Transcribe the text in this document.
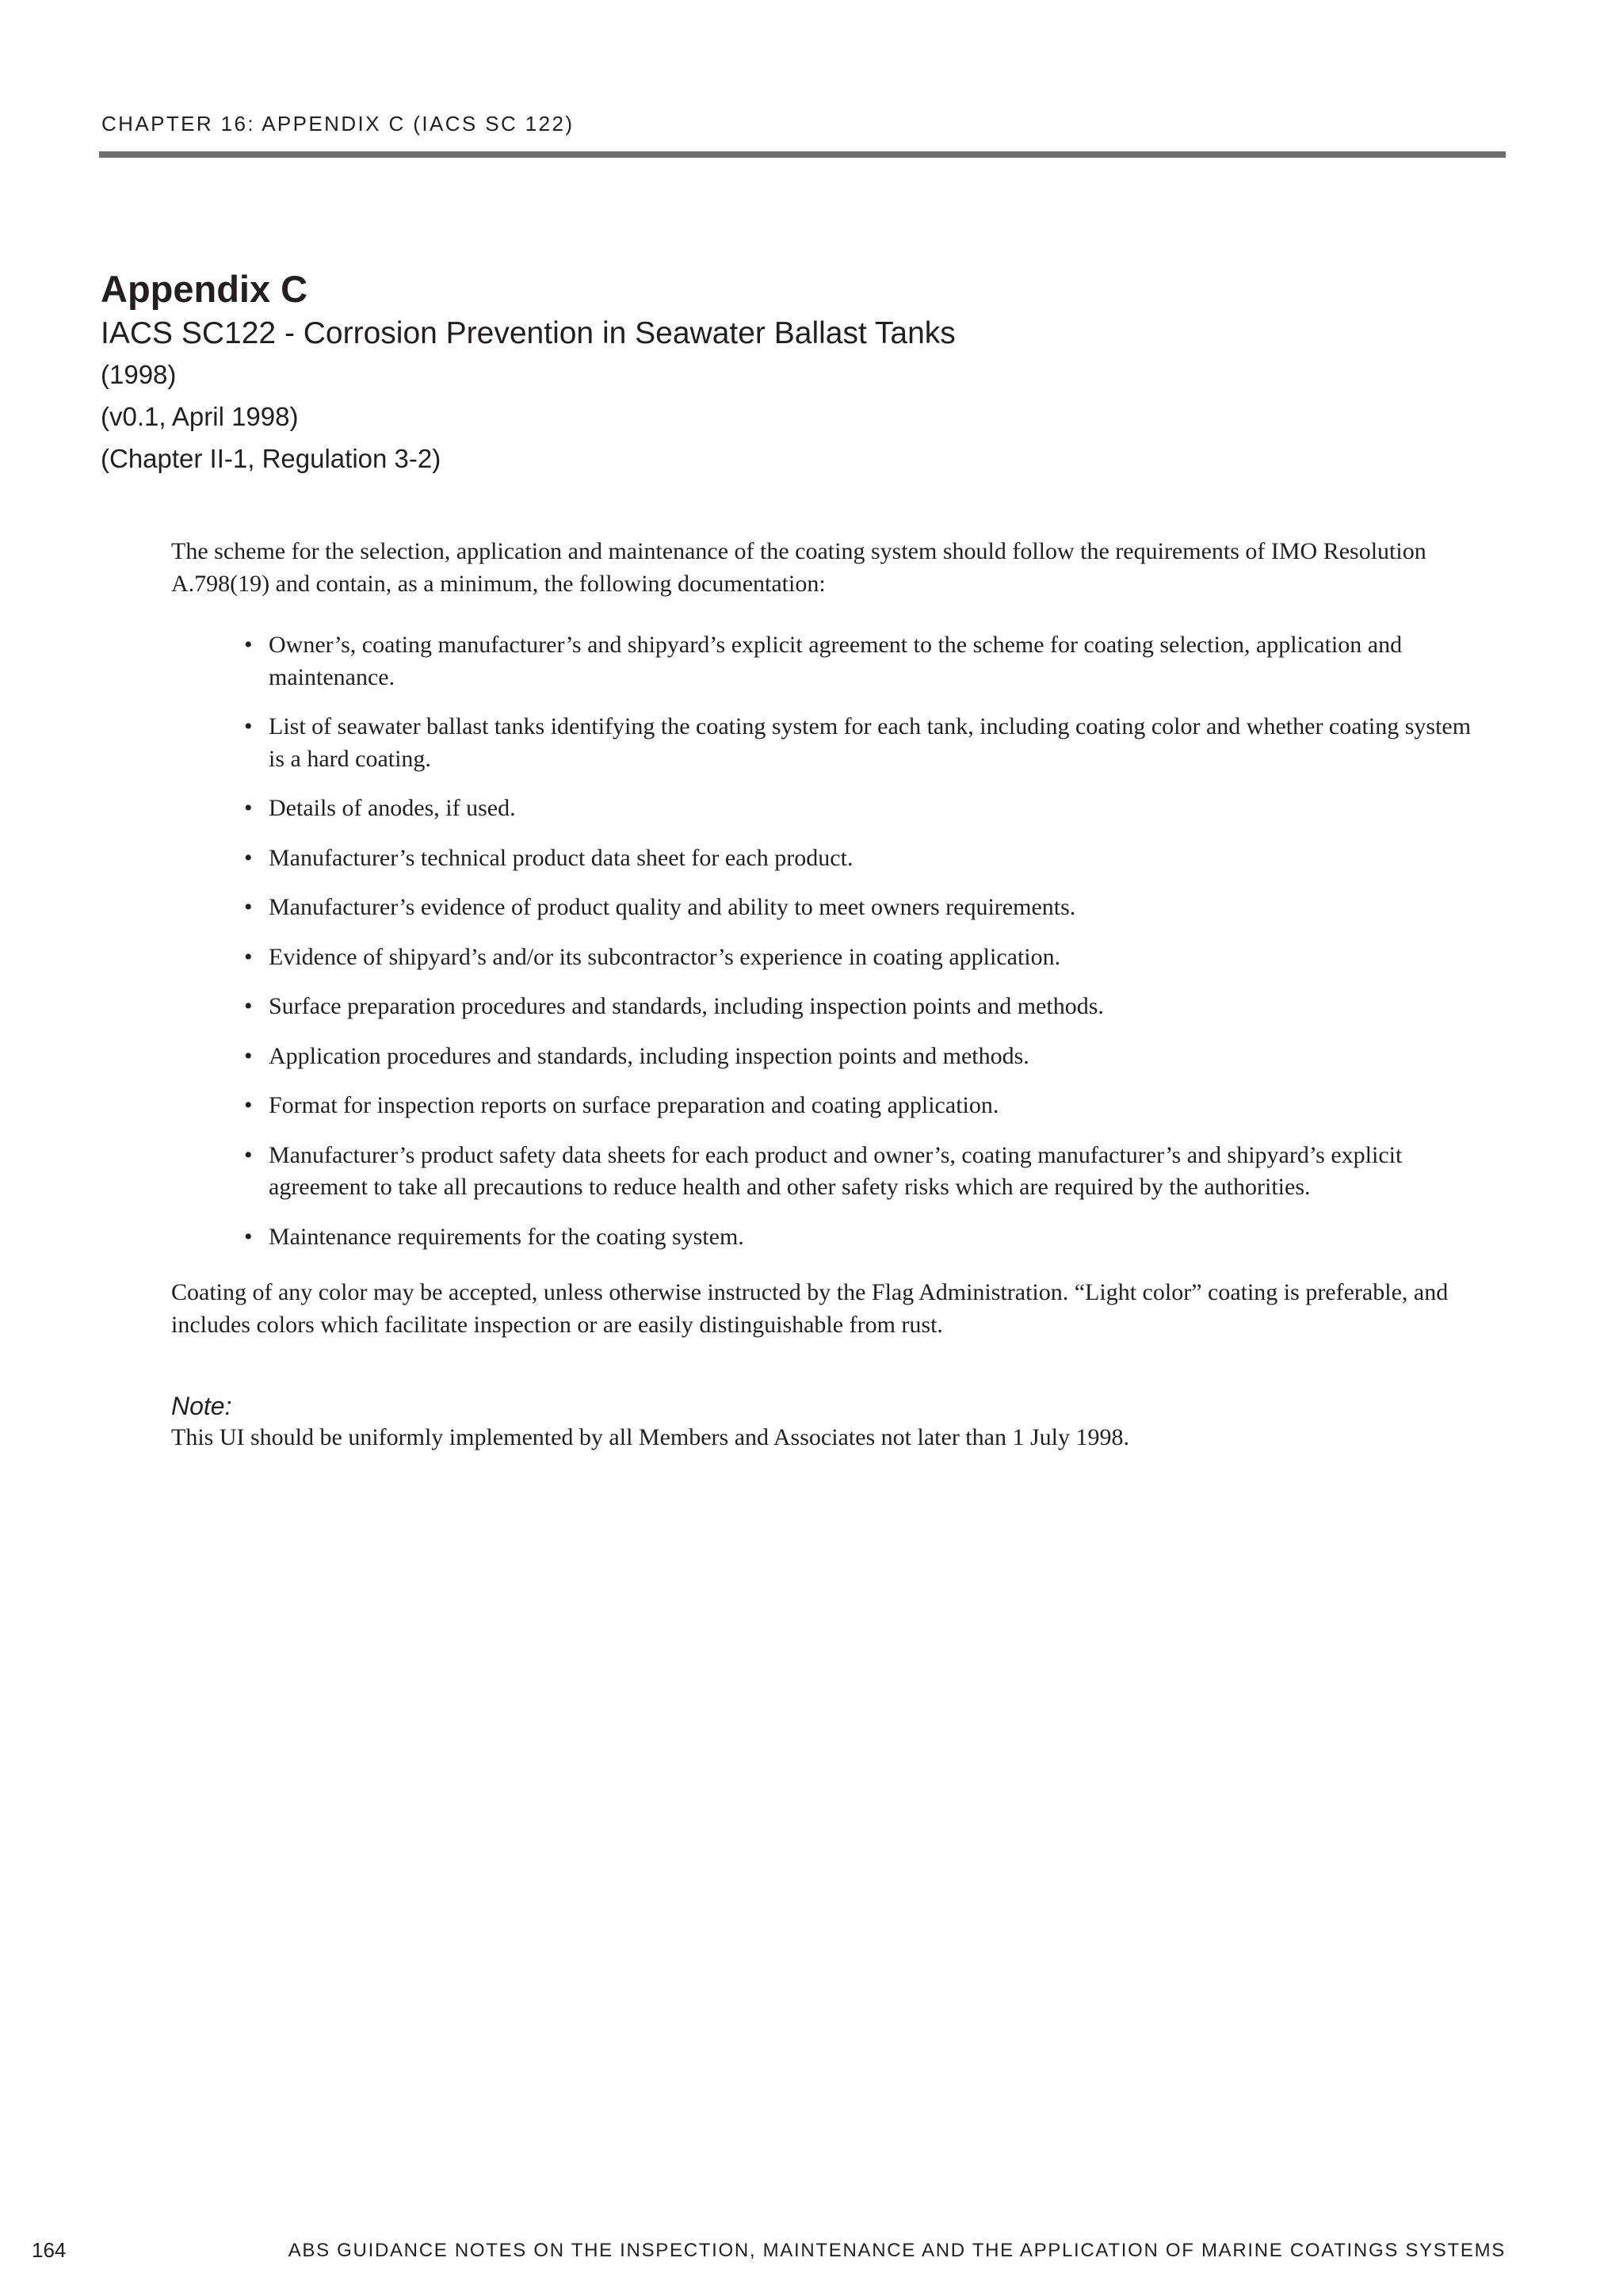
CHAPTER 16: APPENDIX C (IACS SC 122)
Appendix C
IACS SC122 - Corrosion Prevention in Seawater Ballast Tanks
(1998)
(v0.1, April 1998)
(Chapter II-1, Regulation 3-2)

The scheme for the selection, application and maintenance of the coating system should follow the requirements of IMO Resolution A.798(19) and contain, as a minimum, the following documentation:

• Owner’s, coating manufacturer’s and shipyard’s explicit agreement to the scheme for coating selection, application and maintenance.
• List of seawater ballast tanks identifying the coating system for each tank, including coating color and whether coating system is a hard coating.
• Details of anodes, if used.
• Manufacturer’s technical product data sheet for each product.
• Manufacturer’s evidence of product quality and ability to meet owners requirements.
• Evidence of shipyard’s and/or its subcontractor’s experience in coating application.
• Surface preparation procedures and standards, including inspection points and methods.
• Application procedures and standards, including inspection points and methods.
• Format for inspection reports on surface preparation and coating application.
• Manufacturer’s product safety data sheets for each product and owner’s, coating manufacturer’s and shipyard’s explicit agreement to take all precautions to reduce health and other safety risks which are required by the authorities.
• Maintenance requirements for the coating system.

Coating of any color may be accepted, unless otherwise instructed by the Flag Administration. “Light color” coating is preferable, and includes colors which facilitate inspection or are easily distinguishable from rust.

Note:

This UI should be uniformly implemented by all Members and Associates not later than 1 July 1998.

164	ABS GUIDANCE NOTES ON THE INSPECTION, MAINTENANCE AND THE APPLICATION OF MARINE COATINGS SYSTEMS
